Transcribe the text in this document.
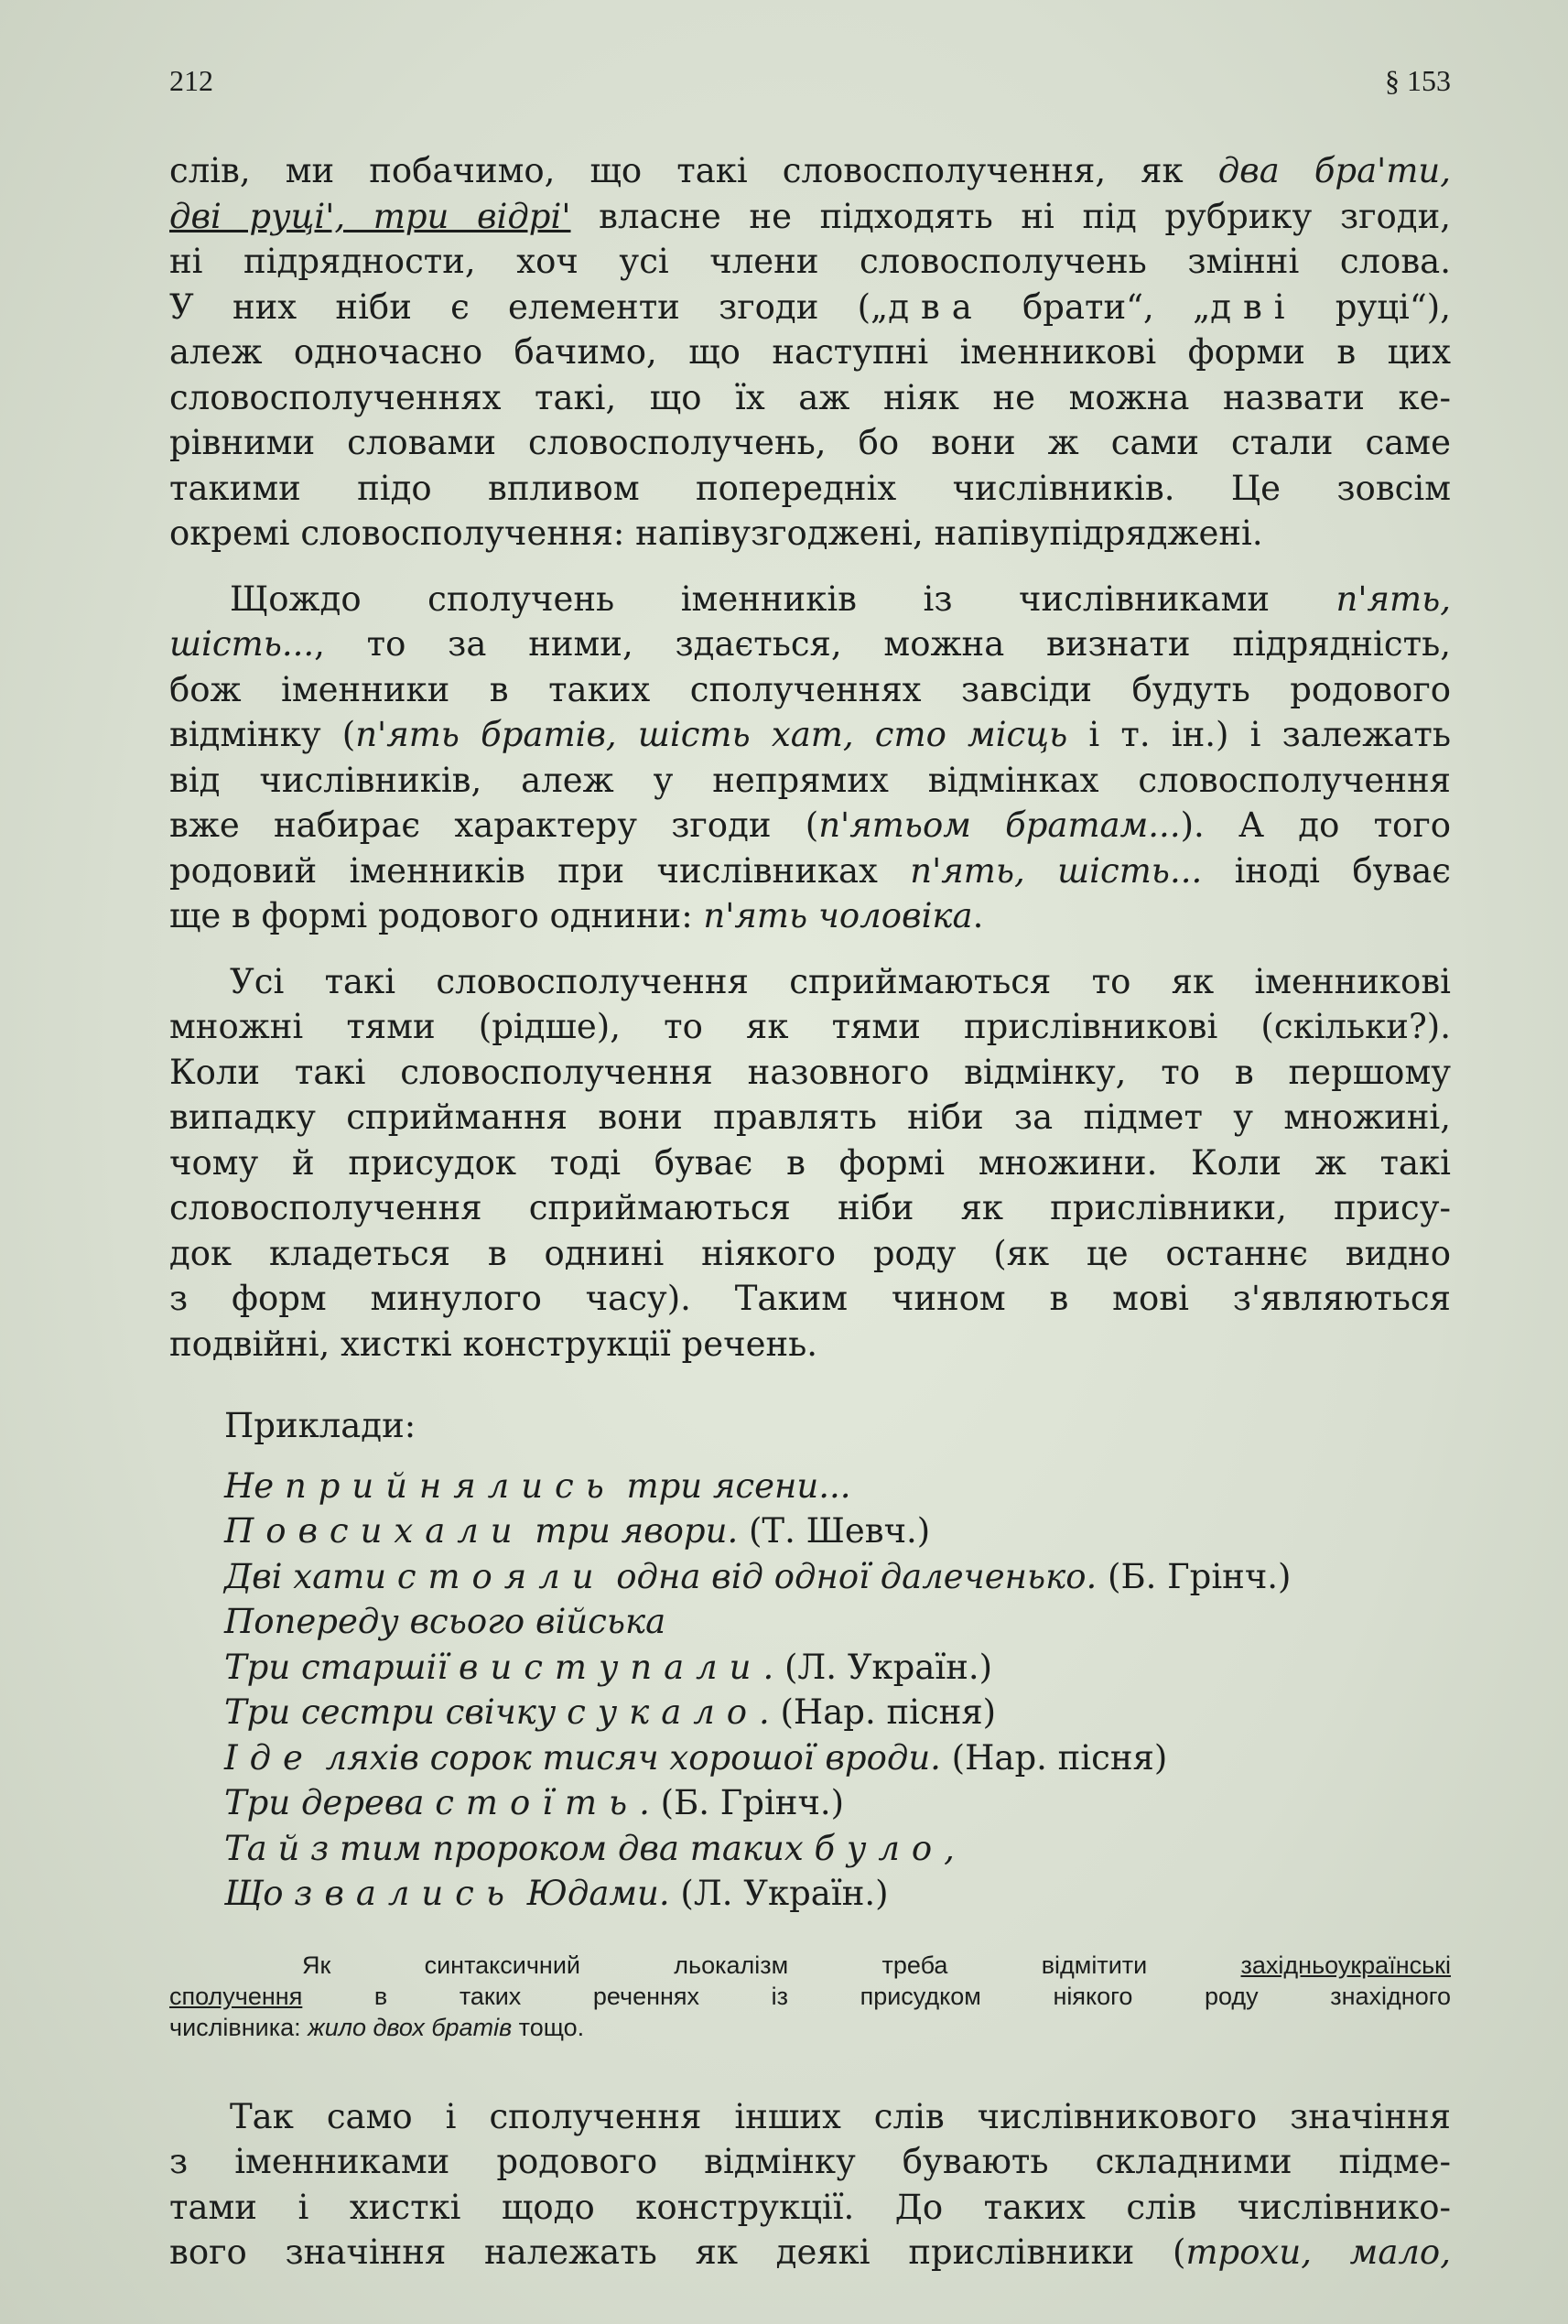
212	§ 153
слів, ми побачимо, що такі словосполучення, як два бра'ти,
дві руці', три відрі' власне не підходять ні під рубрику згоди,
ні підрядности, хоч усі члени словосполучень змінні слова.
У них ніби є елементи згоди („два брати“, „дві руці“),
алеж одночасно бачимо, що наступні іменникові форми в цих
словосполученнях такі, що їх аж ніяк не можна назвати ке-
рівними словами словосполучень, бо вони ж сами стали саме
такими підо впливом попередніх числівників. Це зовсім
окремі словосполучення: напівузгоджені, напівупідряджені.
Щождо сполучень іменників із числівниками п'ять,
шість..., то за ними, здається, можна визнати підрядність,
бож іменники в таких сполученнях завсіди будуть родового
відмінку (п'ять братів, шість хат, сто місць і т. ін.) і залежать
від числівників, алеж у непрямих відмінках словосполучення
вже набирає характеру згоди (п'ятьом братам...). А до того
родовий іменників при числівниках п'ять, шість... іноді буває
ще в формі родового однини: п'ять чоловіка.
Усі такі словосполучення сприймаються то як іменникові
множні тями (рідше), то як тями прислівникові (скільки?).
Коли такі словосполучення назовного відмінку, то в першому
випадку сприймання вони правлять ніби за підмет у множині,
чому й присудок тоді буває в формі множини. Коли ж такі
словосполучення сприймаються ніби як прислівники, прису-
док кладеться в однині ніякого роду (як це останнє видно
з форм минулого часу). Таким чином в мові з'являються
подвійні, хисткі конструкції речень.
Приклади:
Не прийнялись три ясени...
Повсихали три явори. (Т. Шевч.)
Дві хати стояли одна від одної далеченько. (Б. Грінч.)
Попереду всього війська
Три старшії виступали. (Л. Україн.)
Три сестри свічку сукало. (Нар. пісня)
Іде ляхів сорок тисяч хорошої вроди. (Нар. пісня)
Три дерева стоїть. (Б. Грінч.)
Та й з тим пророком два таких було,
Що звались Юдами. (Л. Україн.)
Як синтаксичний льокалізм треба відмітити західньоукраїнські
сполучення в таких реченнях із присудком ніякого роду знахідного
числівника: жило двох братів тощо.
Так само і сполучення інших слів числівникового значіння
з іменниками родового відмінку бувають складними підме-
тами і хисткі щодо конструкції. До таких слів числівнико-
вого значіння належать як деякі прислівники (трохи, мало,
